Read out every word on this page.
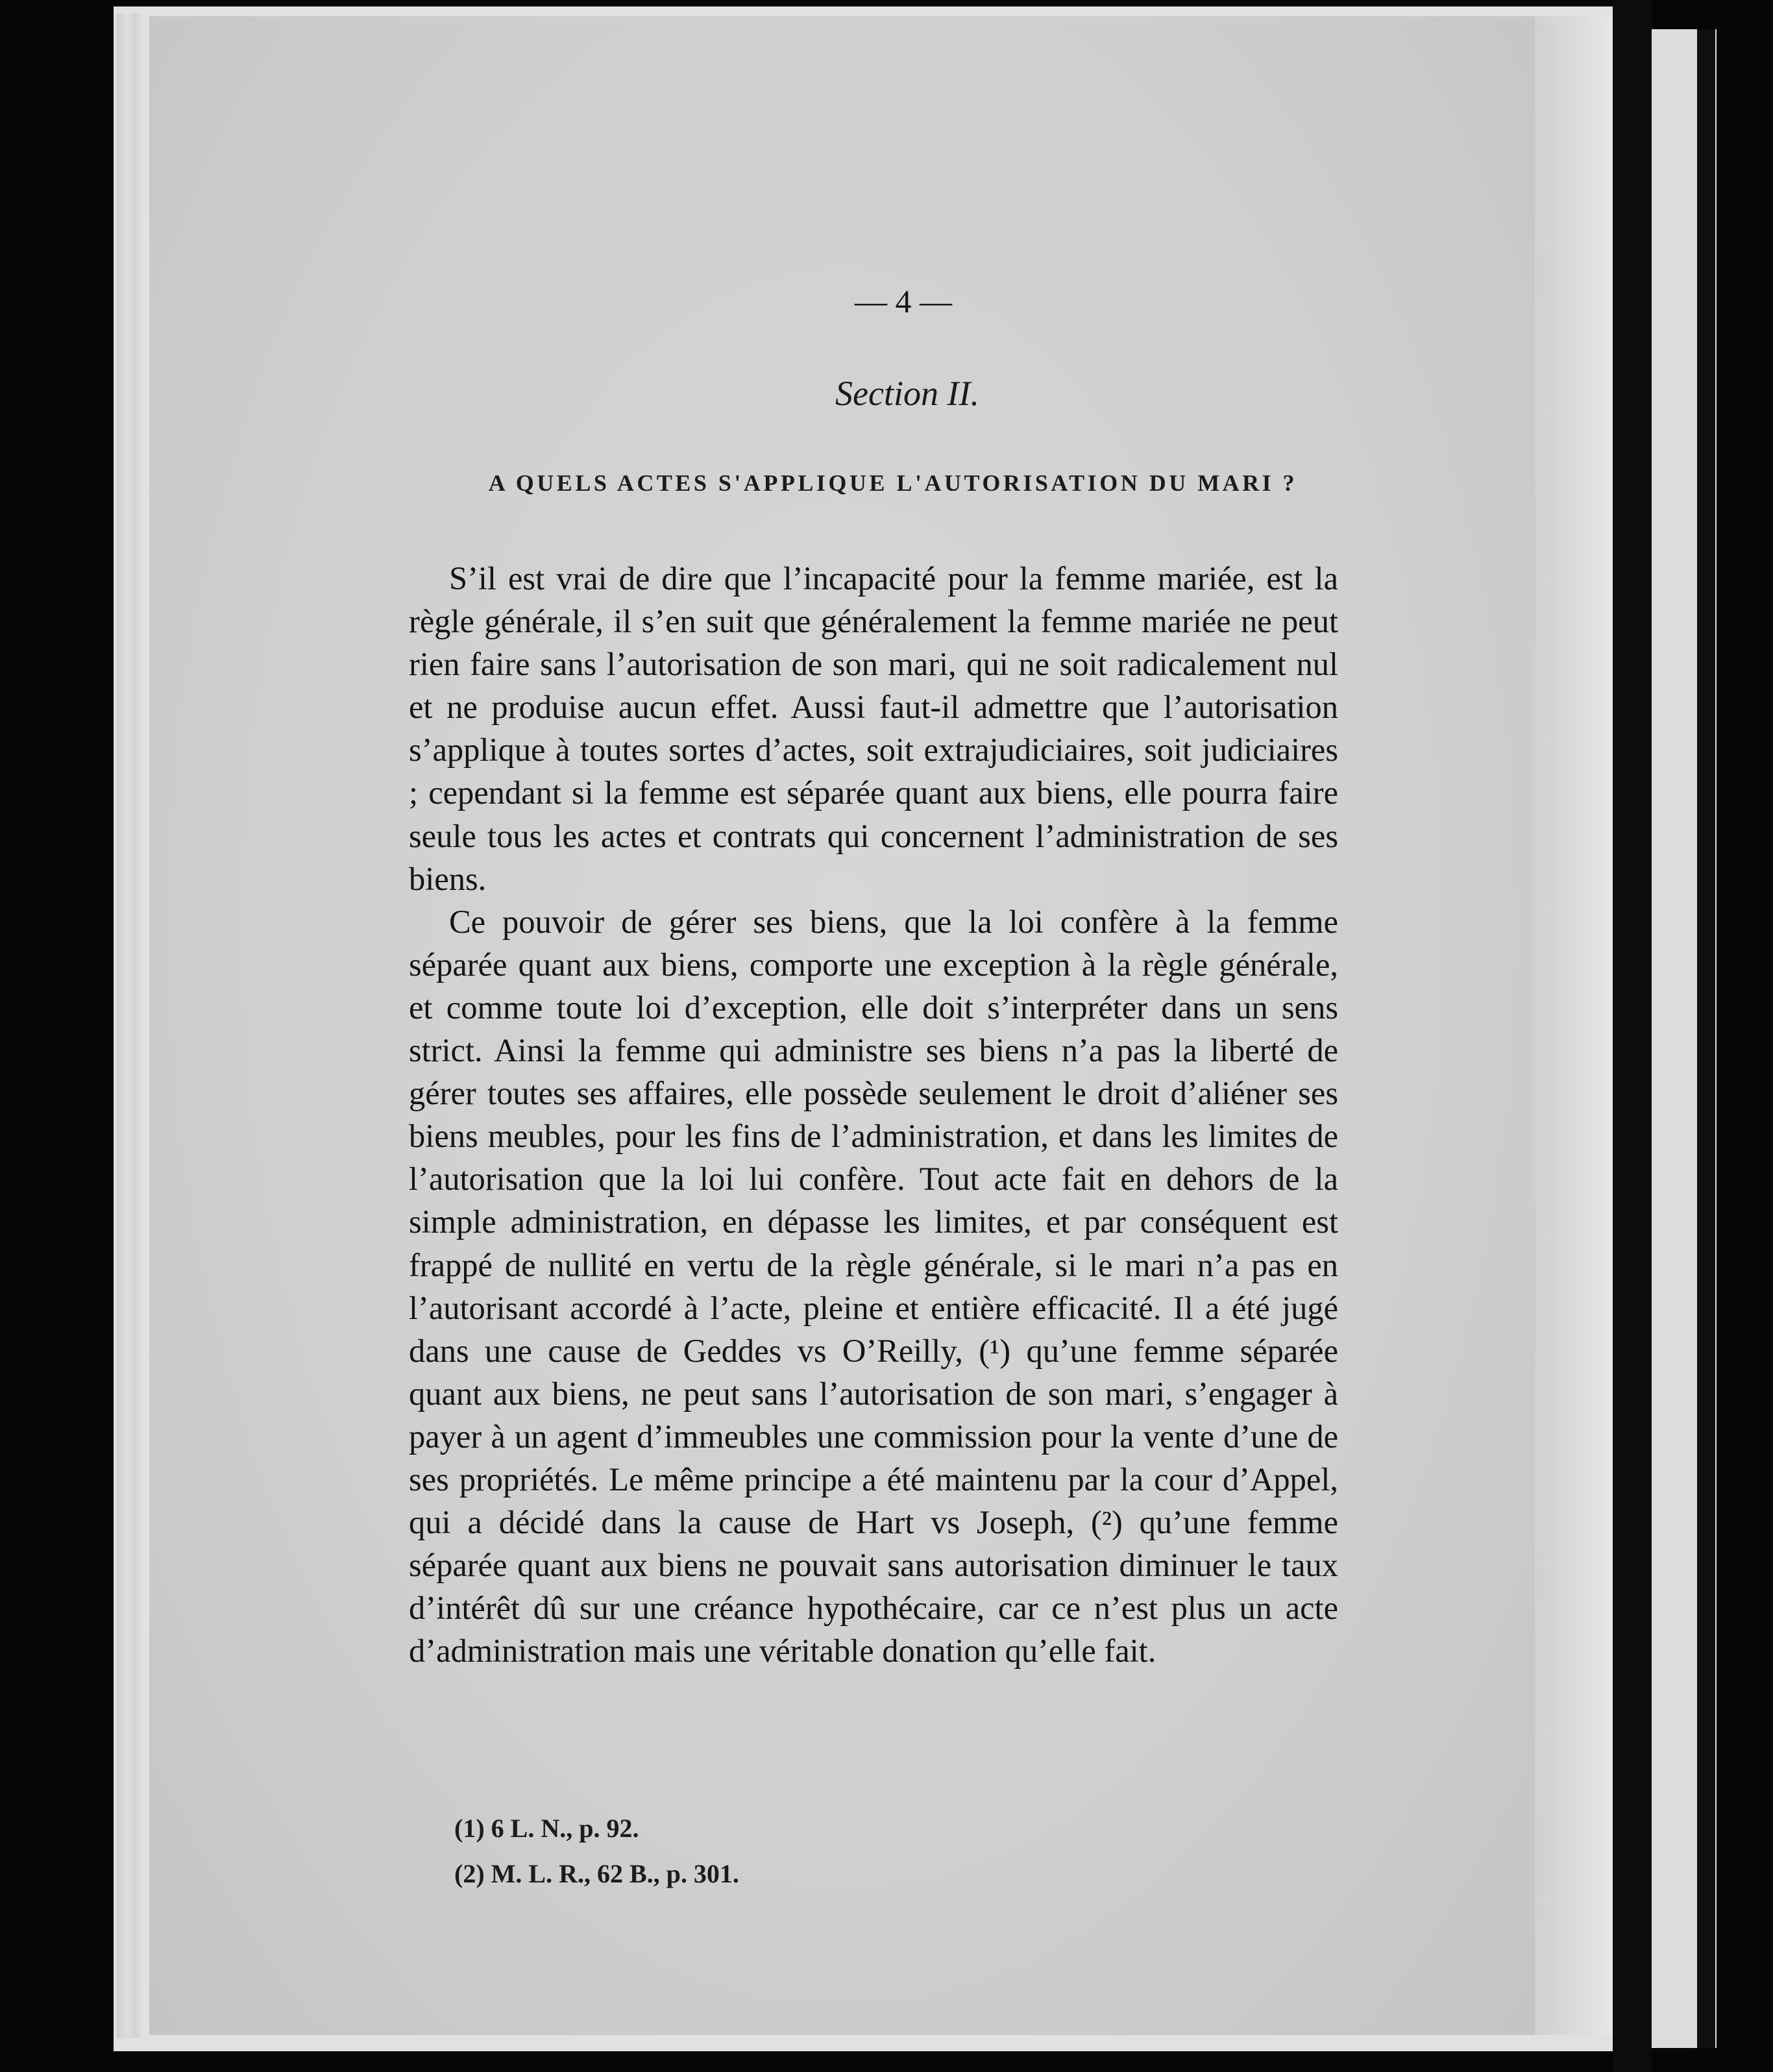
— 4 —
Section II.
A QUELS ACTES S'APPLIQUE L'AUTORISATION DU MARI ?

S’il est vrai de dire que l’incapacité pour la femme mariée, est la règle générale, il s’en suit que généralement la femme mariée ne peut rien faire sans l’autorisation de son mari, qui ne soit radicalement nul et ne produise aucun effet. Aussi faut-il admettre que l’autorisation s’applique à toutes sortes d’actes, soit extrajudiciaires, soit judiciaires ; cependant si la femme est séparée quant aux biens, elle pourra faire seule tous les actes et contrats qui concernent l’administration de ses biens.

Ce pouvoir de gérer ses biens, que la loi confère à la femme séparée quant aux biens, comporte une exception à la règle générale, et comme toute loi d’exception, elle doit s’interpréter dans un sens strict. Ainsi la femme qui administre ses biens n’a pas la liberté de gérer toutes ses affaires, elle possède seulement le droit d’aliéner ses biens meubles, pour les fins de l’administration, et dans les limites de l’autorisation que la loi lui confère. Tout acte fait en dehors de la simple administration, en dépasse les limites, et par conséquent est frappé de nullité en vertu de la règle générale, si le mari n’a pas en l’autorisant accordé à l’acte, pleine et entière efficacité. Il a été jugé dans une cause de Geddes vs O’Reilly, (¹) qu’une femme séparée quant aux biens, ne peut sans l’autorisation de son mari, s’engager à payer à un agent d’immeubles une commission pour la vente d’une de ses propriétés. Le même principe a été maintenu par la cour d’Appel, qui a décidé dans la cause de Hart vs Joseph, (²) qu’une femme séparée quant aux biens ne pouvait sans autorisation diminuer le taux d’intérêt dû sur une créance hypothécaire, car ce n’est plus un acte d’administration mais une véritable donation qu’elle fait.

(1) 6 L. N., p. 92.
(2) M. L. R., 62 B., p. 301.
